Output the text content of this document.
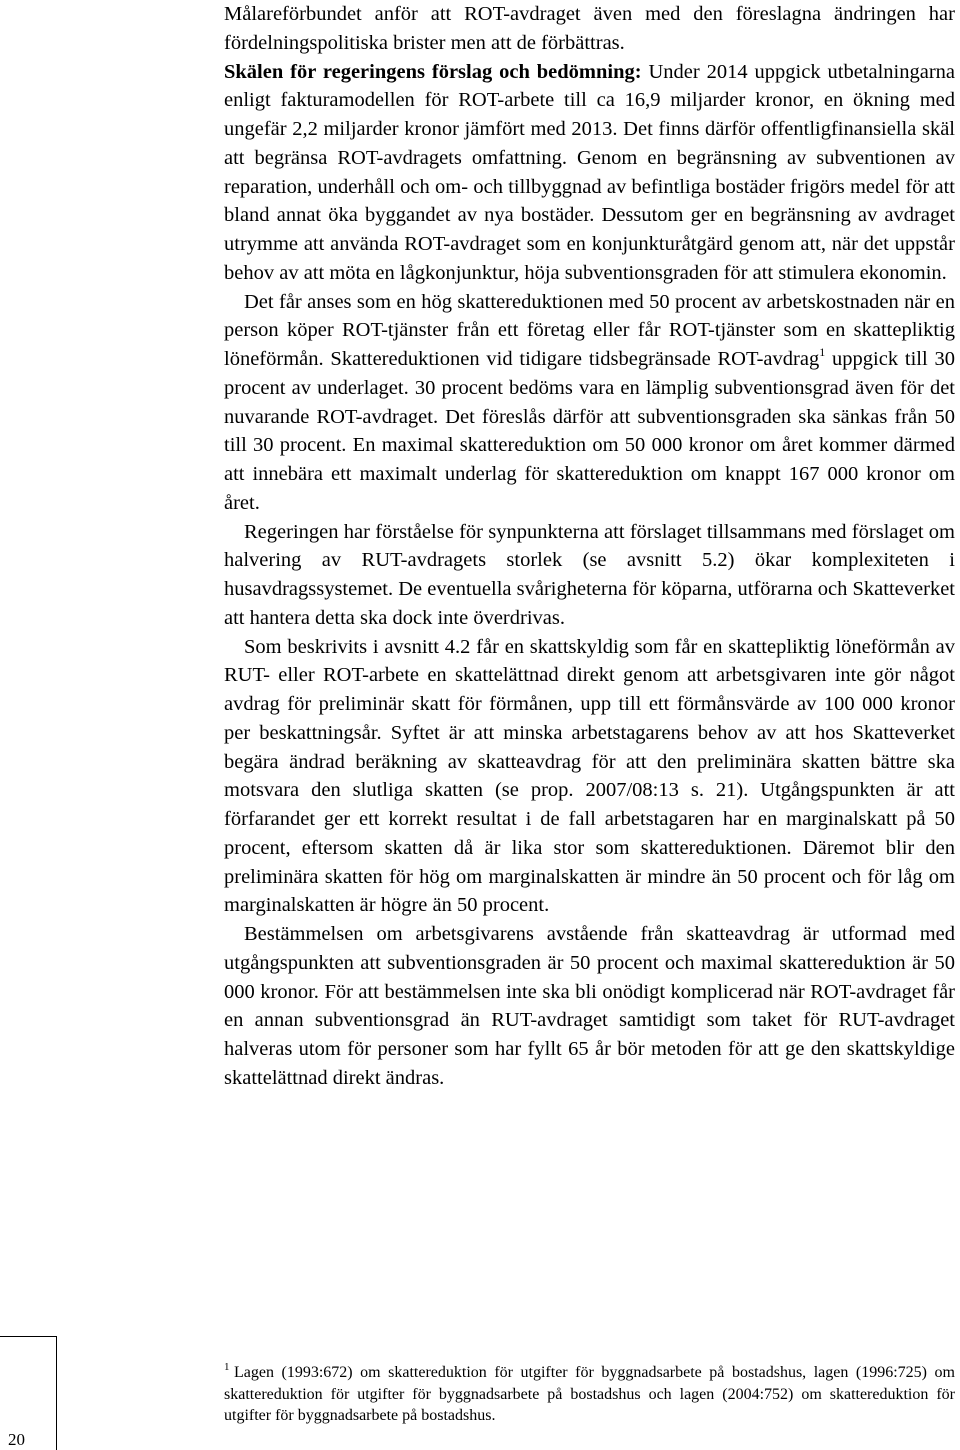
Målareförbundet anför att ROT-avdraget även med den föreslagna ändringen har fördelningspolitiska brister men att de förbättras.

Skälen för regeringens förslag och bedömning: Under 2014 uppgick utbetalningarna enligt fakturamodellen för ROT-arbete till ca 16,9 miljarder kronor, en ökning med ungefär 2,2 miljarder kronor jämfört med 2013. Det finns därför offentligfinansiella skäl att begränsa ROT-avdragets omfattning. Genom en begränsning av subventionen av reparation, underhåll och om- och tillbyggnad av befintliga bostäder frigörs medel för att bland annat öka byggandet av nya bostäder. Dessutom ger en begränsning av avdraget utrymme att använda ROT-avdraget som en konjunkturåtgärd genom att, när det uppstår behov av att möta en lågkonjunktur, höja subventionsgraden för att stimulera ekonomin.

Det får anses som en hög skattereduktionen med 50 procent av arbetskostnaden när en person köper ROT-tjänster från ett företag eller får ROT-tjänster som en skattepliktig löneförmån. Skattereduktionen vid tidigare tidsbegränsade ROT-avdrag$^1$ uppgick till 30 procent av underlaget. 30 procent bedöms vara en lämplig subventionsgrad även för det nuvarande ROT-avdraget. Det föreslås därför att subventionsgraden ska sänkas från 50 till 30 procent. En maximal skattereduktion om 50 000 kronor om året kommer därmed att innebära ett maximalt underlag för skattereduktion om knappt 167 000 kronor om året.

Regeringen har förståelse för synpunkterna att förslaget tillsammans med förslaget om halvering av RUT-avdragets storlek (se avsnitt 5.2) ökar komplexiteten i husavdragssystemet. De eventuella svårigheterna för köparna, utförarna och Skatteverket att hantera detta ska dock inte överdrivas.

Som beskrivits i avsnitt 4.2 får en skattskyldig som får en skattepliktig löneförmån av RUT- eller ROT-arbete en skattelättnad direkt genom att arbetsgivaren inte gör något avdrag för preliminär skatt för förmånen, upp till ett förmånsvärde av 100 000 kronor per beskattningsår. Syftet är att minska arbetstagarens behov av att hos Skatteverket begära ändrad beräkning av skatteavdrag för att den preliminära skatten bättre ska motsvara den slutliga skatten (se prop. 2007/08:13 s. 21). Utgångspunkten är att förfarandet ger ett korrekt resultat i de fall arbetstagaren har en marginalskatt på 50 procent, eftersom skatten då är lika stor som skattereduktionen. Däremot blir den preliminära skatten för hög om marginalskatten är mindre än 50 procent och för låg om marginalskatten är högre än 50 procent.

Bestämmelsen om arbetsgivarens avstående från skatteavdrag är utformad med utgångspunkten att subventionsgraden är 50 procent och maximal skattereduktion är 50 000 kronor. För att bestämmelsen inte ska bli onödigt komplicerad när ROT-avdraget får en annan subventionsgrad än RUT-avdraget samtidigt som taket för RUT-avdraget halveras utom för personer som har fyllt 65 år bör metoden för att ge den skattskyldige skattelättnad direkt ändras.

$^1$ Lagen (1993:672) om skattereduktion för utgifter för byggnadsarbete på bostadshus, lagen (1996:725) om skattereduktion för utgifter för byggnadsarbete på bostadshus och lagen (2004:752) om skattereduktion för utgifter för byggnadsarbete på bostadshus.

20
